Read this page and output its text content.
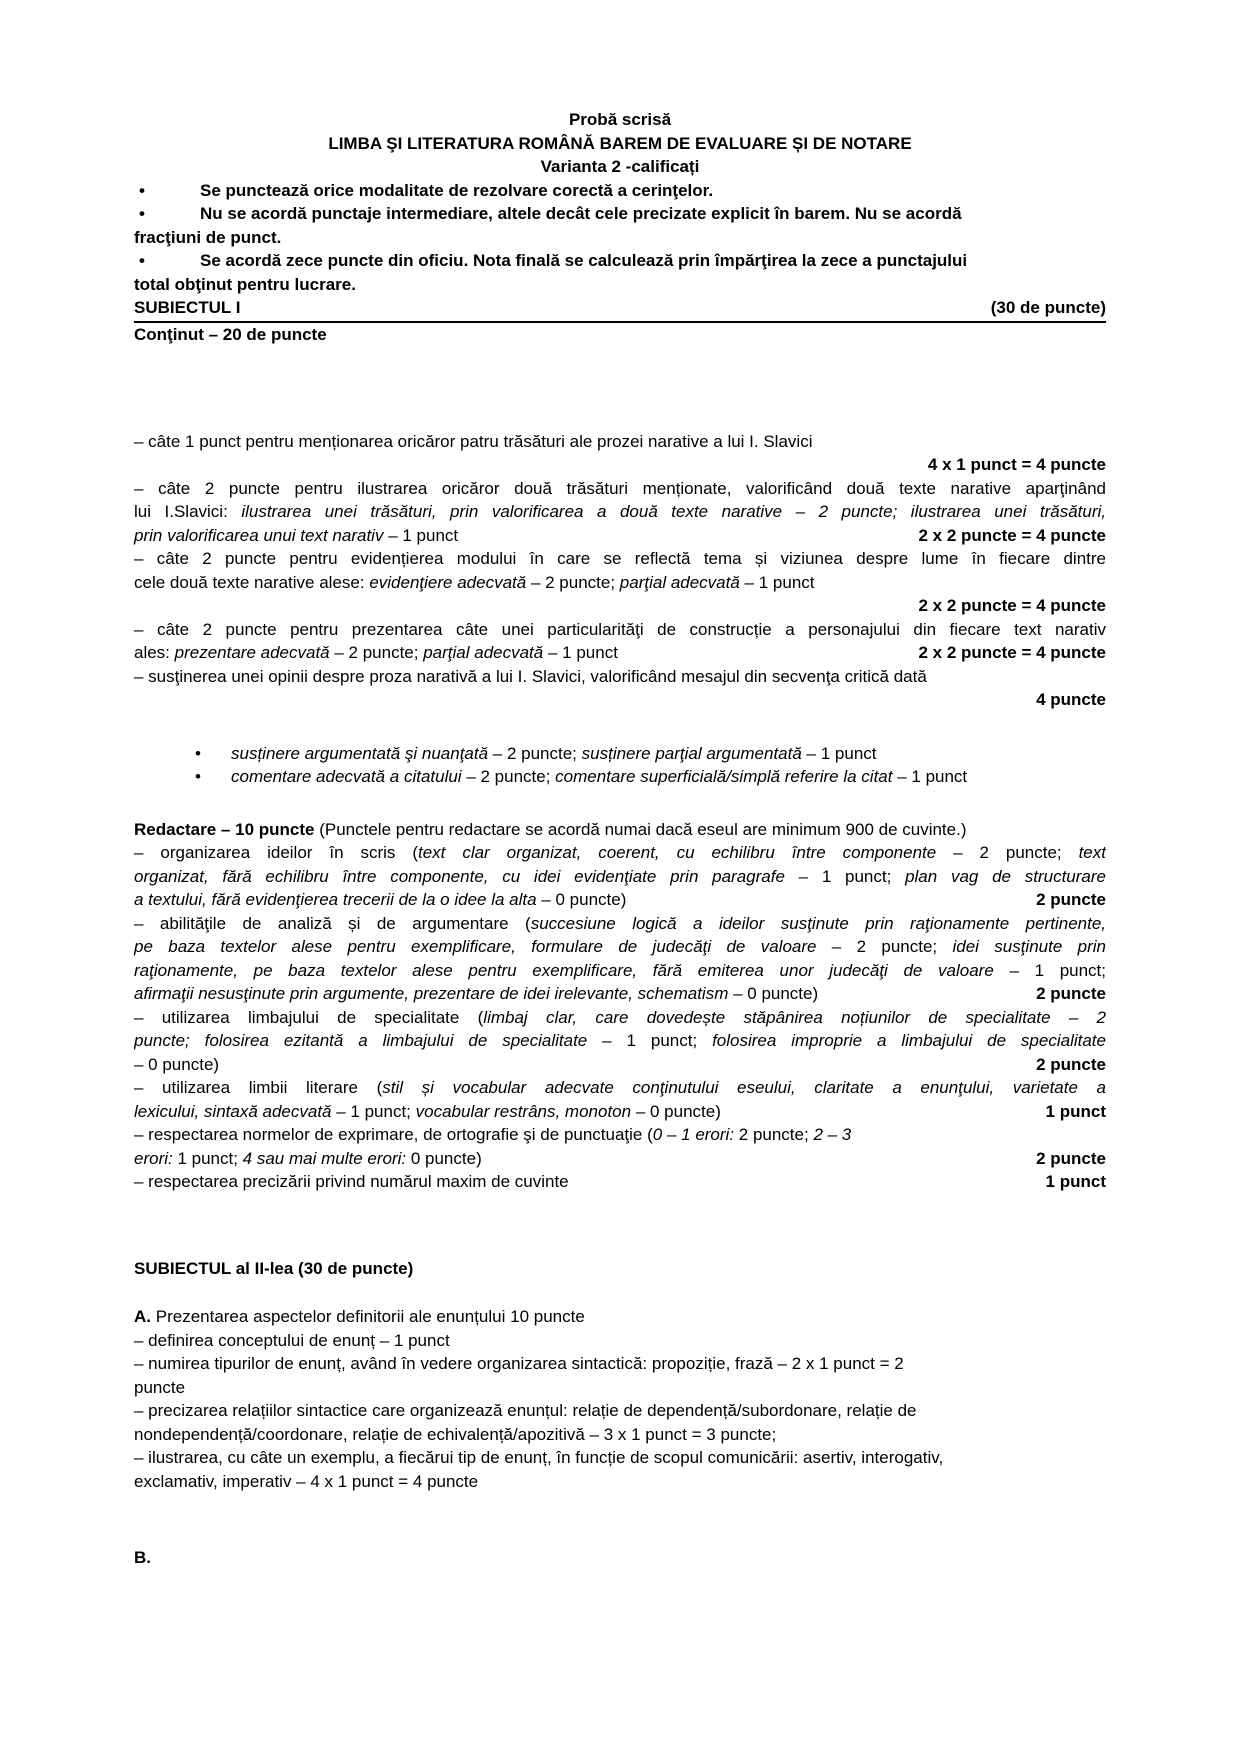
Probă scrisă
LIMBA ŞI LITERATURA ROMÂNĂ BAREM DE EVALUARE ȘI DE NOTARE
Varianta 2 -calificați
•	Se punctează orice modalitate de rezolvare corectă a cerinţelor.
•	Nu se acordă punctaje intermediare, altele decât cele precizate explicit în barem. Nu se acordă
fracţiuni de punct.
•	Se acordă zece puncte din oficiu. Nota finală se calculează prin împărţirea la zece a punctajului
total obţinut pentru lucrare.
SUBIECTUL I	(30 de puncte)
Conţinut – 20 de puncte
– câte 1 punct pentru menționarea oricăror patru trăsături ale prozei narative a lui I. Slavici
4 x 1 punct = 4 puncte
– câte 2 puncte pentru ilustrarea oricăror două trăsături menționate, valorificând două texte narative aparţinând
lui I.Slavici: ilustrarea unei trăsături, prin valorificarea a două texte narative – 2 puncte; ilustrarea unei trăsături,
prin valorificarea unui text narativ – 1 punct	2 x 2 puncte = 4 puncte
– câte 2 puncte pentru evidențierea modului în care se reflectă tema și viziunea despre lume în fiecare dintre
cele două texte narative alese: evidenţiere adecvată – 2 puncte; parţial adecvată – 1 punct
2 x 2 puncte = 4 puncte
– câte 2 puncte pentru prezentarea câte unei particularităţi de construcție a personajului din fiecare text narativ
ales: prezentare adecvată – 2 puncte; parţial adecvată – 1 punct	2 x 2 puncte = 4 puncte
– susţinerea unei opinii despre proza narativă a lui I. Slavici, valorificând mesajul din secvenţa critică dată
4 puncte
• susținere argumentată şi nuanţată – 2 puncte; susținere parţial argumentată – 1 punct
• comentare adecvată a citatului – 2 puncte; comentare superficială/simplă referire la citat – 1 punct
Redactare – 10 puncte (Punctele pentru redactare se acordă numai dacă eseul are minimum 900 de cuvinte.)
– organizarea ideilor în scris (text clar organizat, coerent, cu echilibru între componente – 2 puncte; text
organizat, fără echilibru între componente, cu idei evidenţiate prin paragrafe – 1 punct; plan vag de structurare
a textului, fără evidenţierea trecerii de la o idee la alta – 0 puncte)	2 puncte
– abilităţile de analiză și de argumentare (succesiune logică a ideilor susţinute prin raţionamente pertinente,
pe baza textelor alese pentru exemplificare, formulare de judecăţi de valoare – 2 puncte; idei susţinute prin
raţionamente, pe baza textelor alese pentru exemplificare, fără emiterea unor judecăţi de valoare – 1 punct;
afirmaţii nesusţinute prin argumente, prezentare de idei irelevante, schematism – 0 puncte)	2 puncte
– utilizarea limbajului de specialitate (limbaj clar, care dovedește stăpânirea noțiunilor de specialitate – 2
puncte; folosirea ezitantă a limbajului de specialitate – 1 punct; folosirea improprie a limbajului de specialitate
– 0 puncte)	2 puncte
– utilizarea limbii literare (stil și vocabular adecvate conţinutului eseului, claritate a enunţului, varietate a
lexicului, sintaxă adecvată – 1 punct; vocabular restrâns, monoton – 0 puncte)	1 punct
– respectarea normelor de exprimare, de ortografie şi de punctuaţie (0 – 1 erori: 2 puncte; 2 – 3
erori: 1 punct; 4 sau mai multe erori: 0 puncte)	2 puncte
– respectarea precizării privind numărul maxim de cuvinte	1 punct
SUBIECTUL al II-lea (30 de puncte)
A. Prezentarea aspectelor definitorii ale enunțului 10 puncte
– definirea conceptului de enunț – 1 punct
– numirea tipurilor de enunț, având în vedere organizarea sintactică: propoziție, frază – 2 x 1 punct = 2
puncte
– precizarea relațiilor sintactice care organizează enunțul: relație de dependență/subordonare, relație de
nondependență/coordonare, relație de echivalență/apozitivă – 3 x 1 punct = 3 puncte;
– ilustrarea, cu câte un exemplu, a fiecărui tip de enunț, în funcție de scopul comunicării: asertiv, interogativ,
exclamativ, imperativ – 4 x 1 punct = 4 puncte
B.
